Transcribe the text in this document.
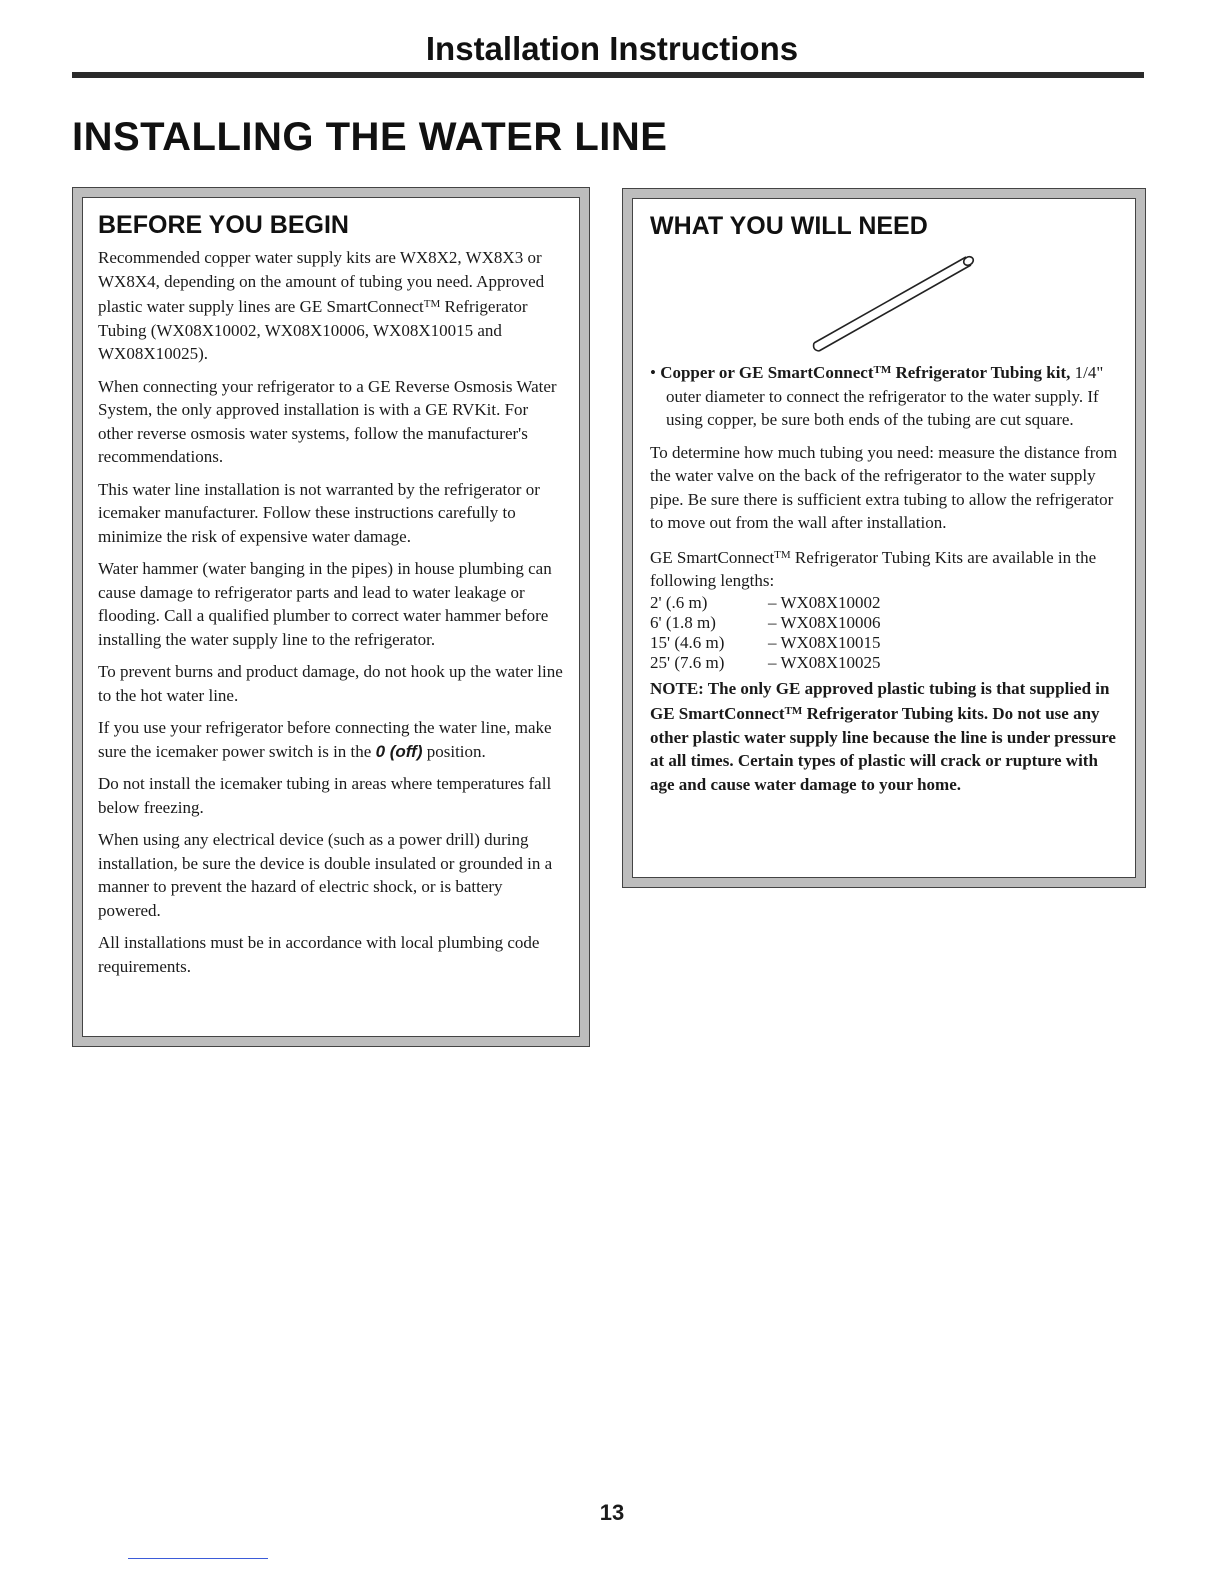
Installation Instructions
INSTALLING THE WATER LINE
BEFORE YOU BEGIN

Recommended copper water supply kits are WX8X2, WX8X3 or WX8X4, depending on the amount of tubing you need. Approved plastic water supply lines are GE SmartConnect™ Refrigerator Tubing (WX08X10002, WX08X10006, WX08X10015 and WX08X10025).

When connecting your refrigerator to a GE Reverse Osmosis Water System, the only approved installation is with a GE RVKit. For other reverse osmosis water systems, follow the manufacturer's recommendations.

This water line installation is not warranted by the refrigerator or icemaker manufacturer. Follow these instructions carefully to minimize the risk of expensive water damage.

Water hammer (water banging in the pipes) in house plumbing can cause damage to refrigerator parts and lead to water leakage or flooding. Call a qualified plumber to correct water hammer before installing the water supply line to the refrigerator.

To prevent burns and product damage, do not hook up the water line to the hot water line.

If you use your refrigerator before connecting the water line, make sure the icemaker power switch is in the 0 (off) position.

Do not install the icemaker tubing in areas where temperatures fall below freezing.

When using any electrical device (such as a power drill) during installation, be sure the device is double insulated or grounded in a manner to prevent the hazard of electric shock, or is battery powered.

All installations must be in accordance with local plumbing code requirements.

WHAT YOU WILL NEED

• Copper or GE SmartConnect™ Refrigerator Tubing kit, 1/4" outer diameter to connect the refrigerator to the water supply. If using copper, be sure both ends of the tubing are cut square.

To determine how much tubing you need: measure the distance from the water valve on the back of the refrigerator to the water supply pipe. Be sure there is sufficient extra tubing to allow the refrigerator to move out from the wall after installation.

GE SmartConnect™ Refrigerator Tubing Kits are available in the following lengths:

2' (.6 m)	– WX08X10002
6' (1.8 m)	– WX08X10006
15' (4.6 m)	– WX08X10015
25' (7.6 m)	– WX08X10025

NOTE: The only GE approved plastic tubing is that supplied in GE SmartConnect™ Refrigerator Tubing kits. Do not use any other plastic water supply line because the line is under pressure at all times. Certain types of plastic will crack or rupture with age and cause water damage to your home.

13
